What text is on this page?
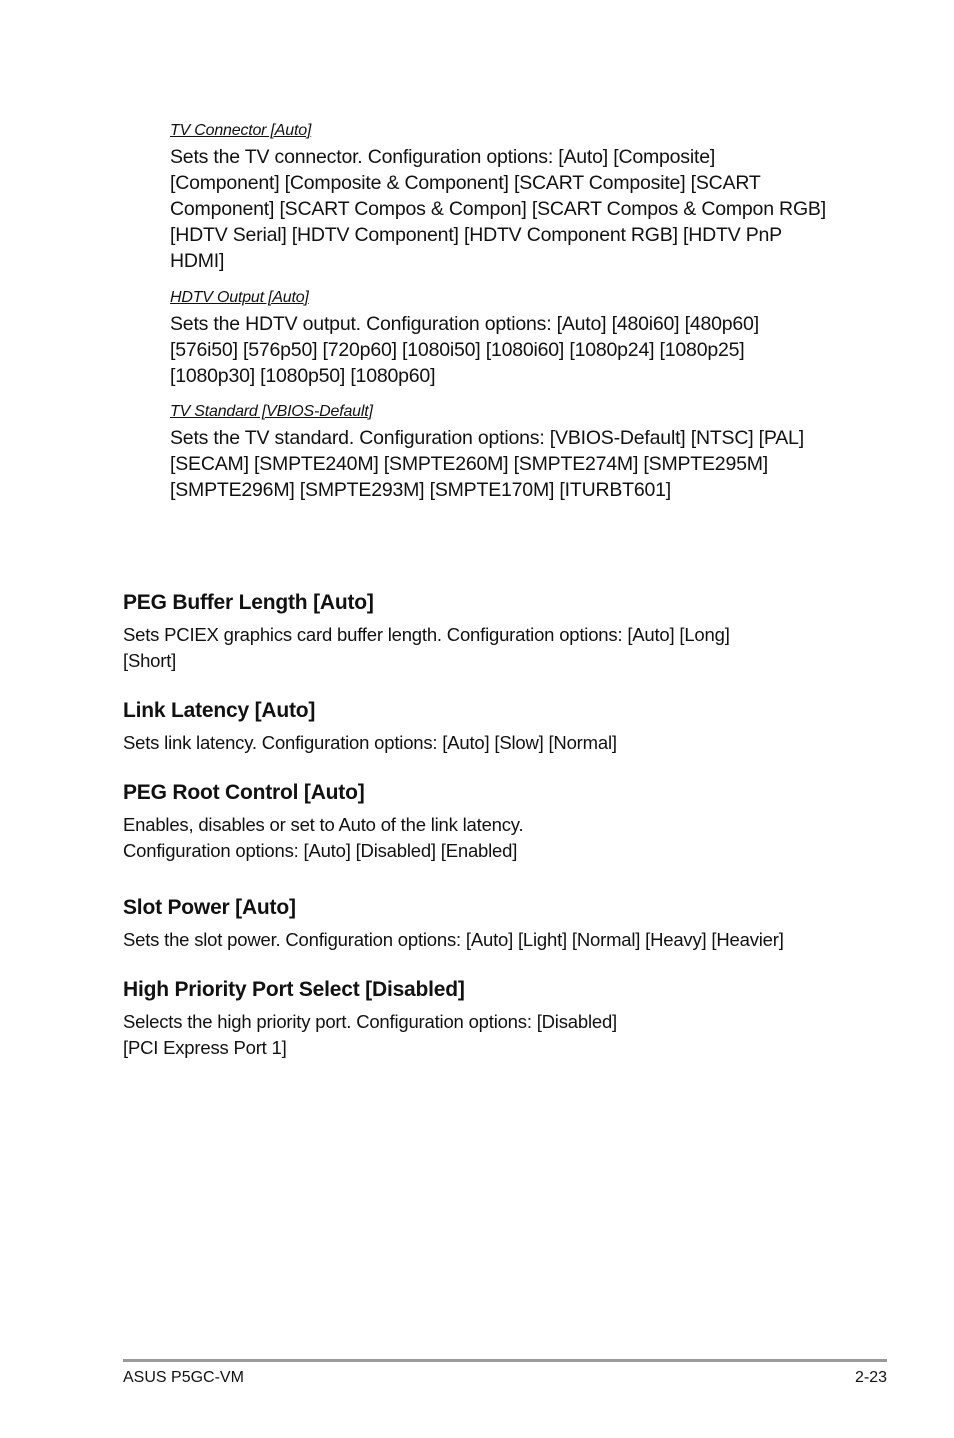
TV Connector [Auto]

Sets the TV connector. Configuration options: [Auto] [Composite]
[Component] [Composite & Component] [SCART Composite] [SCART
Component] [SCART Compos & Compon] [SCART Compos & Compon RGB]
[HDTV Serial] [HDTV Component] [HDTV Component RGB] [HDTV PnP
HDMI]

HDTV Output [Auto]

Sets the HDTV output. Configuration options: [Auto] [480i60] [480p60]
[576i50] [576p50] [720p60] [1080i50] [1080i60] [1080p24] [1080p25]
[1080p30] [1080p50] [1080p60]

TV Standard [VBIOS-Default]

Sets the TV standard. Configuration options: [VBIOS-Default] [NTSC] [PAL]
[SECAM] [SMPTE240M] [SMPTE260M] [SMPTE274M] [SMPTE295M]
[SMPTE296M] [SMPTE293M] [SMPTE170M] [ITURBT601]
PEG Buffer Length [Auto]
Sets PCIEX graphics card buffer length. Configuration options: [Auto] [Long]
[Short]
Link Latency [Auto]
Sets link latency. Configuration options: [Auto] [Slow] [Normal]
PEG Root Control [Auto]
Enables, disables or set to Auto of the link latency.
Configuration options: [Auto] [Disabled] [Enabled]
Slot Power [Auto]
Sets the slot power. Configuration options: [Auto] [Light] [Normal] [Heavy] [Heavier]
High Priority Port Select [Disabled]
Selects the high priority port. Configuration options: [Disabled]
[PCI Express Port 1]
ASUS P5GC-VM	2-23
